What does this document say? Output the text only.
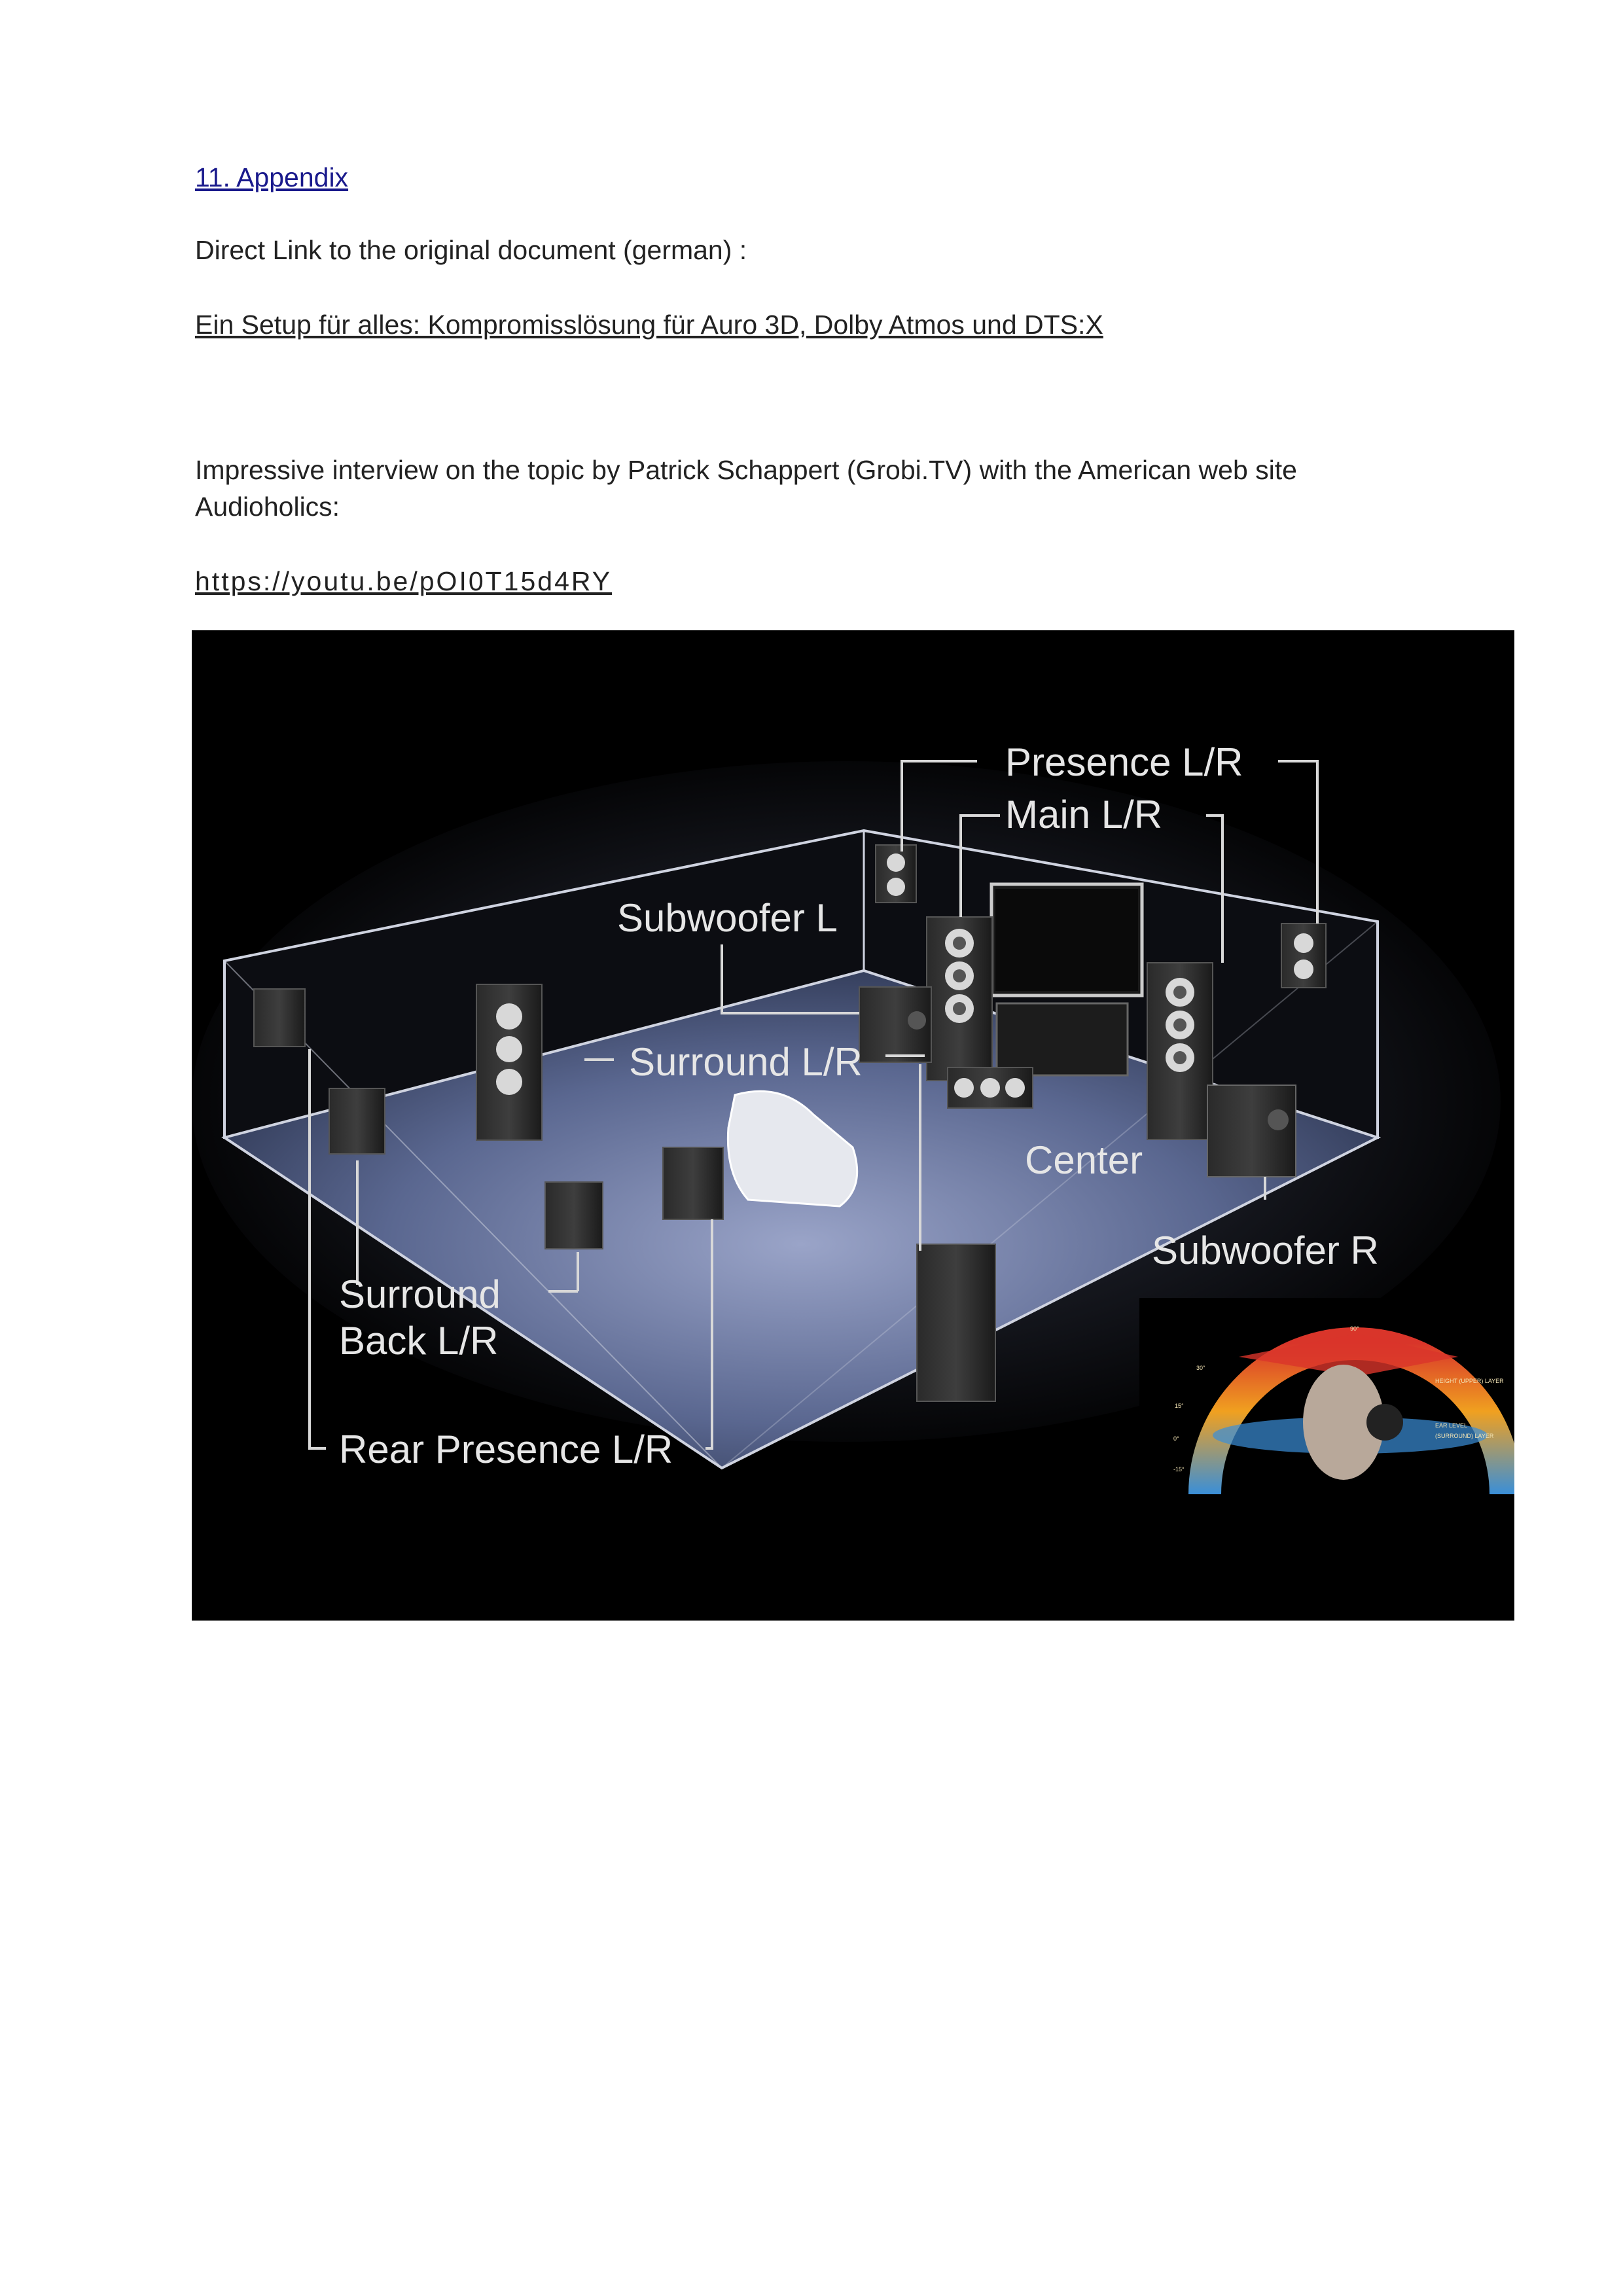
11. Appendix
Direct Link to the original document (german) :
Ein Setup für alles: Kompromisslösung für Auro 3D, Dolby Atmos und DTS:X
Impressive interview on the topic by Patrick Schappert (Grobi.TV) with the American web site
Audioholics:
https://youtu.be/pOI0T15d4RY
Presence L/R
Main L/R
Subwoofer L
Surround L/R
Center
Subwoofer R
Surround
Back L/R
Rear Presence L/R
90°
30°
15°
0°
-15°
HEIGHT (UPPER) LAYER
EAR LEVEL
(SURROUND) LAYER
